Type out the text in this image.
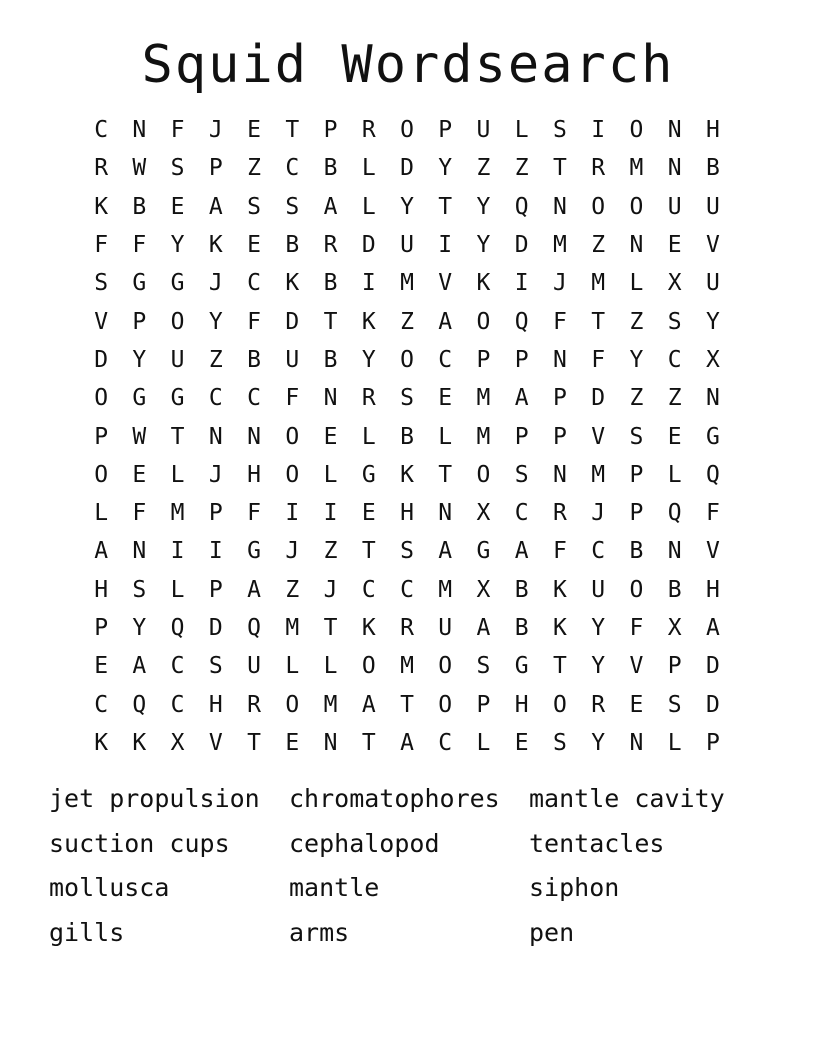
Squid Wordsearch
C	N	F	J	E	T	P	R	O	P	U	L	S	I	O	N	H
R	W	S	P	Z	C	B	L	D	Y	Z	Z	T	R	M	N	B
K	B	E	A	S	S	A	L	Y	T	Y	Q	N	O	O	U	U
F	F	Y	K	E	B	R	D	U	I	Y	D	M	Z	N	E	V
S	G	G	J	C	K	B	I	M	V	K	I	J	M	L	X	U
V	P	O	Y	F	D	T	K	Z	A	O	Q	F	T	Z	S	Y
D	Y	U	Z	B	U	B	Y	O	C	P	P	N	F	Y	C	X
O	G	G	C	C	F	N	R	S	E	M	A	P	D	Z	Z	N
P	W	T	N	N	O	E	L	B	L	M	P	P	V	S	E	G
O	E	L	J	H	O	L	G	K	T	O	S	N	M	P	L	Q
L	F	M	P	F	I	I	E	H	N	X	C	R	J	P	Q	F
A	N	I	I	G	J	Z	T	S	A	G	A	F	C	B	N	V
H	S	L	P	A	Z	J	C	C	M	X	B	K	U	O	B	H
P	Y	Q	D	Q	M	T	K	R	U	A	B	K	Y	F	X	A
E	A	C	S	U	L	L	O	M	O	S	G	T	Y	V	P	D
C	Q	C	H	R	O	M	A	T	O	P	H	O	R	E	S	D
K	K	X	V	T	E	N	T	A	C	L	E	S	Y	N	L	P
jet propulsion	chromatophores	mantle cavity
suction cups	cephalopod	tentacles
mollusca	mantle	siphon
gills	arms	pen
